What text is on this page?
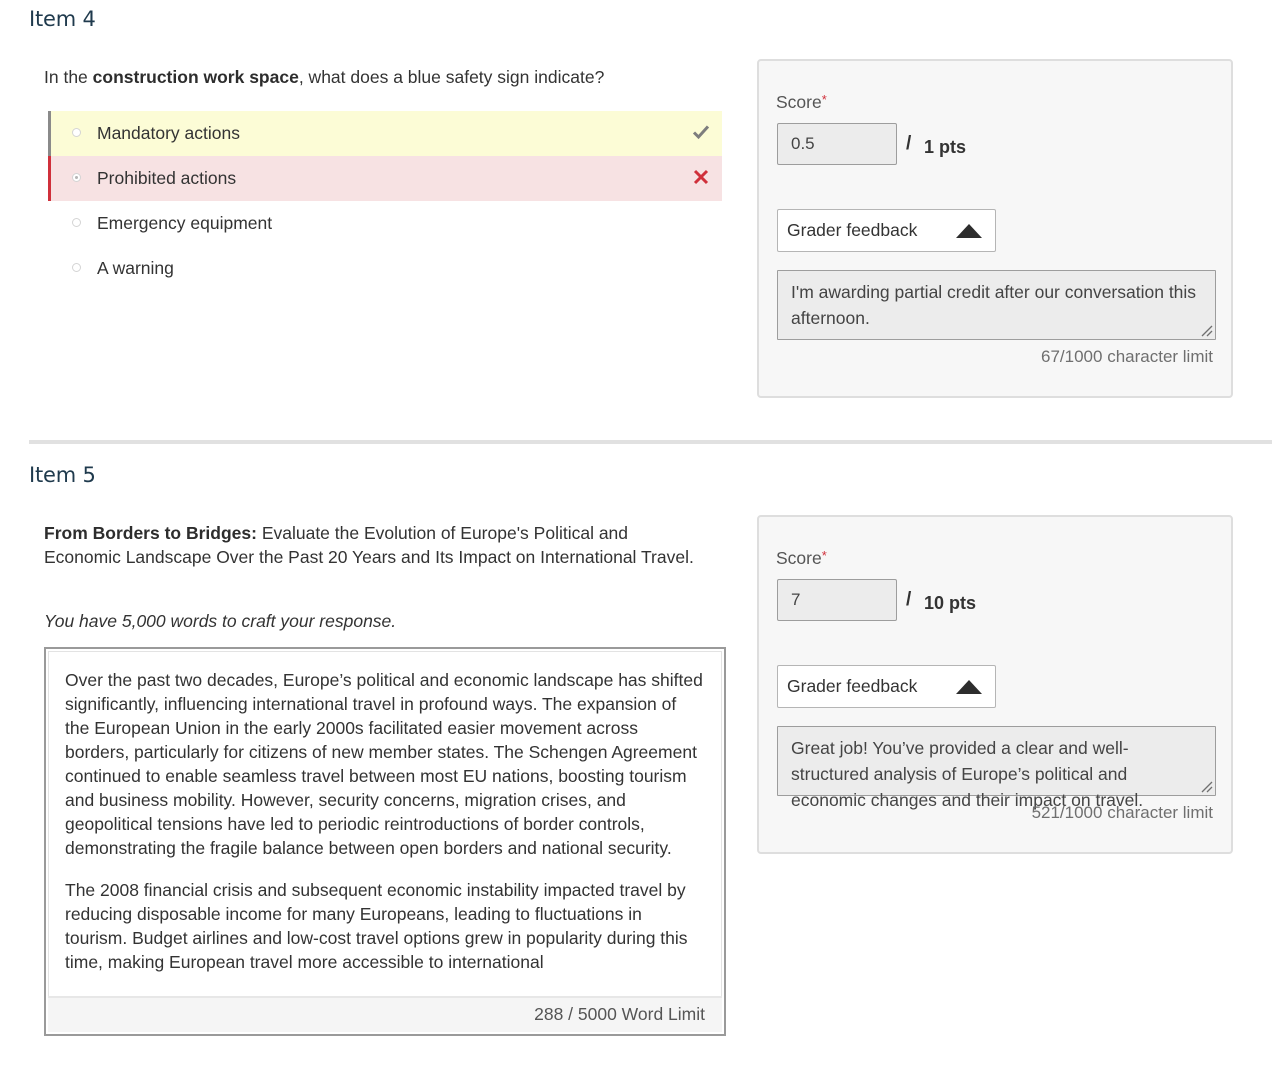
Item 4

In the construction work space, what does a blue safety sign indicate?

Mandatory actions
Prohibited actions
Emergency equipment
A warning
Score*
0.5
/ 1 pts
Grader feedback
I'm awarding partial credit after our conversation this afternoon.
67/1000 character limit
Item 5

From Borders to Bridges: Evaluate the Evolution of Europe's Political and Economic Landscape Over the Past 20 Years and Its Impact on International Travel.

You have 5,000 words to craft your response.

Over the past two decades, Europe’s political and economic landscape has shifted significantly, influencing international travel in profound ways. The expansion of the European Union in the early 2000s facilitated easier movement across borders, particularly for citizens of new member states. The Schengen Agreement continued to enable seamless travel between most EU nations, boosting tourism and business mobility. However, security concerns, migration crises, and geopolitical tensions have led to periodic reintroductions of border controls, demonstrating the fragile balance between open borders and national security.

The 2008 financial crisis and subsequent economic instability impacted travel by reducing disposable income for many Europeans, leading to fluctuations in tourism. Budget airlines and low-cost travel options grew in popularity during this time, making European travel more accessible to international

288 / 5000 Word Limit
Score*
7
/ 10 pts
Grader feedback
Great job! You’ve provided a clear and well-structured analysis of Europe’s political and economic changes and their impact on travel.
521/1000 character limit
